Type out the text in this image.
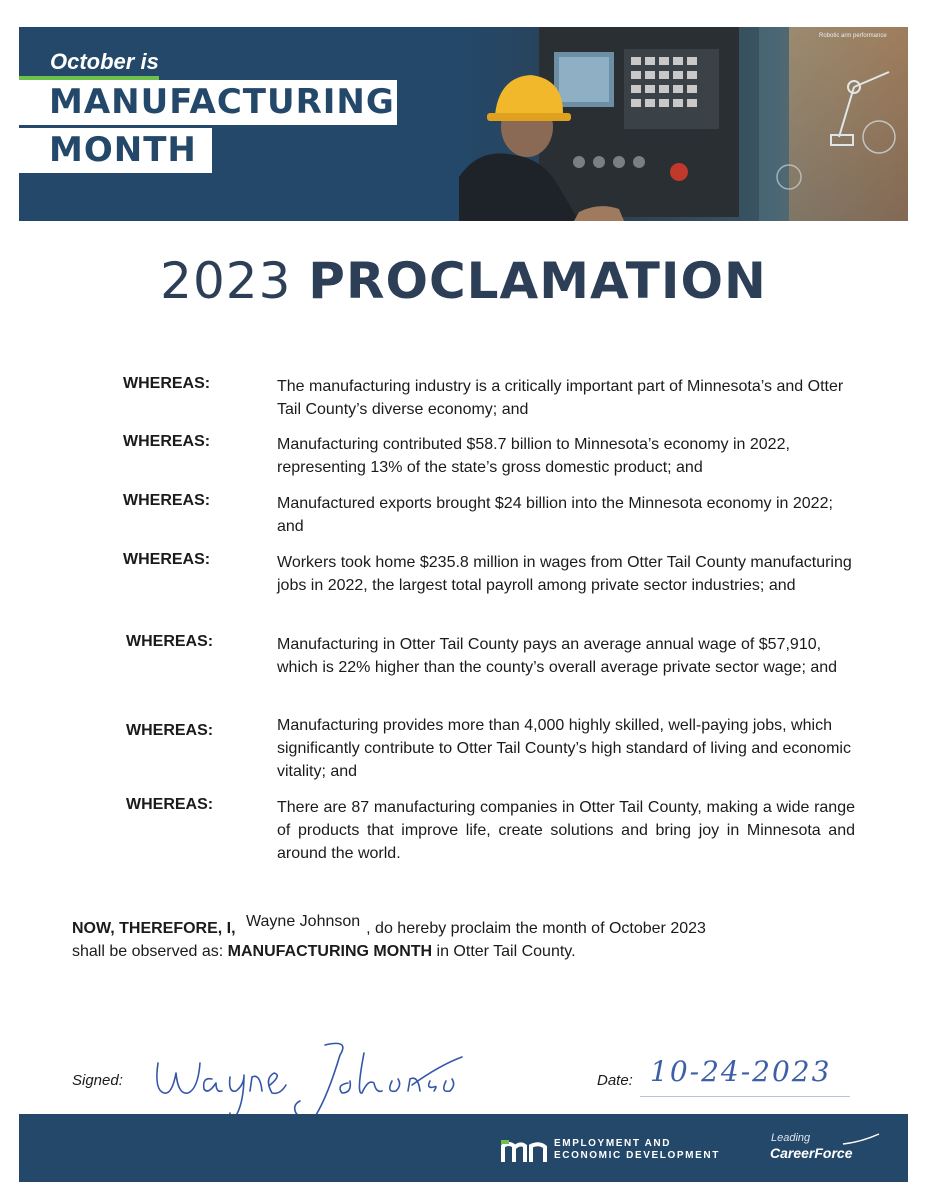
Robotic arm performance
October is
MANUFACTURING
MONTH
2023 PROCLAMATION
WHEREAS:	The manufacturing industry is a critically important part of Minnesota’s and Otter Tail County’s diverse economy; and
WHEREAS:	Manufacturing contributed $58.7 billion to Minnesota’s economy in 2022, representing 13% of the state’s gross domestic product; and
WHEREAS:	Manufactured exports brought $24 billion into the Minnesota economy in 2022; and
WHEREAS:	Workers took home $235.8 million in wages from Otter Tail County manufacturing jobs in 2022, the largest total payroll among private sector industries; and
WHEREAS:	Manufacturing in Otter Tail County pays an average annual wage of $57,910, which is 22% higher than the county’s overall average private sector wage; and
WHEREAS:	Manufacturing provides more than 4,000 highly skilled, well-paying jobs, which significantly contribute to Otter Tail County’s high standard of living and economic vitality; and
WHEREAS:	There are 87 manufacturing companies in Otter Tail County, making a wide range of products that improve life, create solutions and bring joy in Minnesota and around the world.
NOW, THEREFORE, I, Wayne Johnson , do hereby proclaim the month of October 2023
shall be observed as: MANUFACTURING MONTH in Otter Tail County.
Signed:	Date: 10-24-2023
EMPLOYMENT AND
ECONOMIC DEVELOPMENT
Leading
CareerForce
